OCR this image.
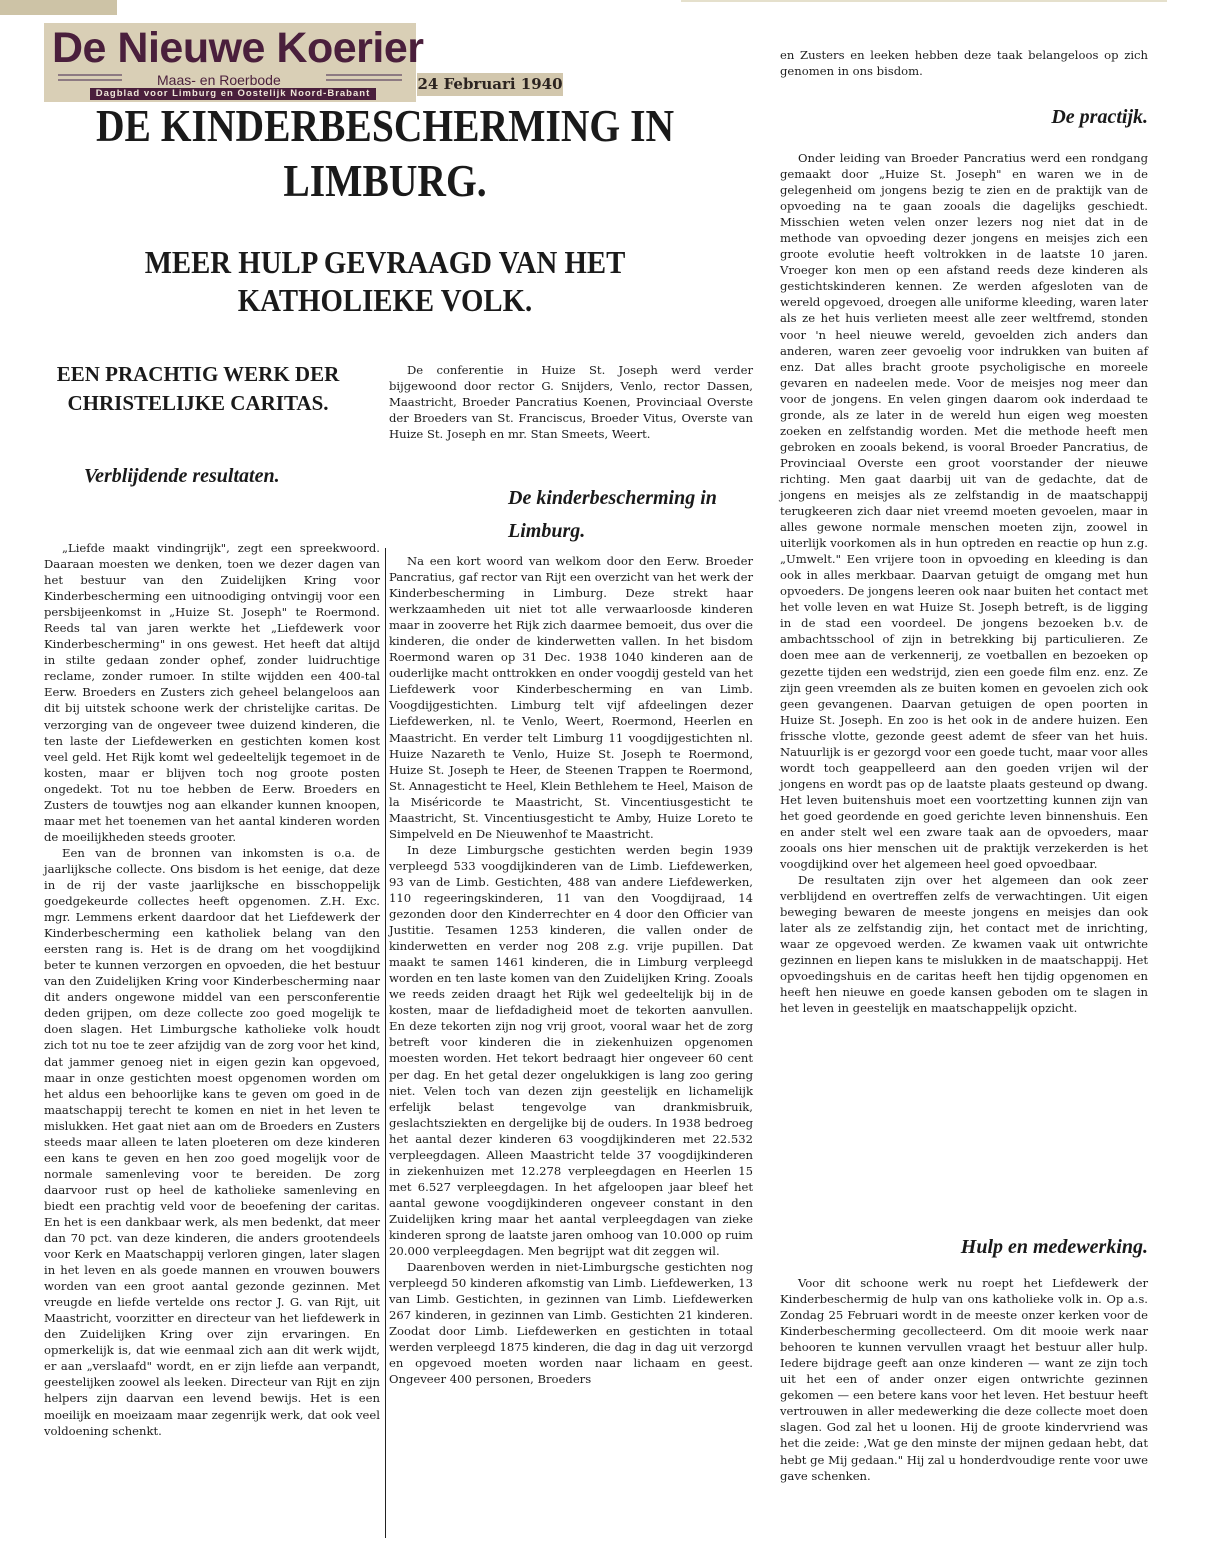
De Nieuwe Koerier
Maas- en Roerbode
Dagblad voor Limburg en Oostelijk Noord-Brabant
24 Februari 1940
DE KINDERBESCHERMING IN LIMBURG.
MEER HULP GEVRAAGD VAN HET KATHOLIEKE VOLK.
EEN PRACHTIG WERK DER CHRISTELIJKE CARITAS.
Verblijdende resultaten.

„Liefde maakt vindingrijk", zegt een spreekwoord. Daaraan moesten we denken, toen we dezer dagen van het bestuur van den Zuidelijken Kring voor Kinderbescherming een uitnoodiging ontvingij voor een persbijeenkomst in „Huize St. Joseph" te Roermond. Reeds tal van jaren werkte het „Liefdewerk voor Kinderbescherming" in ons gewest. Het heeft dat altijd in stilte gedaan zonder ophef, zonder luidruchtige reclame, zonder rumoer. In stilte wijdden een 400-tal Eerw. Broeders en Zusters zich geheel belangeloos aan dit bij uitstek schoone werk der christelijke caritas. De verzorging van de ongeveer twee duizend kinderen, die ten laste der Liefdewerken en gestichten komen kost veel geld. Het Rijk komt wel gedeeltelijk tegemoet in de kosten, maar er blijven toch nog groote posten ongedekt. Tot nu toe hebben de Eerw. Broeders en Zusters de touwtjes nog aan elkander kunnen knoopen, maar met het toenemen van het aantal kinderen worden de moeilijkheden steeds grooter.

Een van de bronnen van inkomsten is o.a. de jaarlijksche collecte. Ons bisdom is het eenige, dat deze in de rij der vaste jaarlijksche en bisschoppelijk goedgekeurde collectes heeft opgenomen. Z.H. Exc. mgr. Lemmens erkent daardoor dat het Liefdewerk der Kinderbescherming een katholiek belang van den eersten rang is. Het is de drang om het voogdijkind beter te kunnen verzorgen en opvoeden, die het bestuur van den Zuidelijken Kring voor Kinderbescherming naar dit anders ongewone middel van een persconferentie deden grijpen, om deze collecte zoo goed mogelijk te doen slagen. Het Limburgsche katholieke volk houdt zich tot nu toe te zeer afzijdig van de zorg voor het kind, dat jammer genoeg niet in eigen gezin kan opgevoed, maar in onze gestichten moest opgenomen worden om het aldus een behoorlijke kans te geven om goed in de maatschappij terecht te komen en niet in het leven te mislukken. Het gaat niet aan om de Broeders en Zusters steeds maar alleen te laten ploeteren om deze kinderen een kans te geven en hen zoo goed mogelijk voor de normale samenleving voor te bereiden. De zorg daarvoor rust op heel de katholieke samenleving en biedt een prachtig veld voor de beoefening der caritas. En het is een dankbaar werk, als men bedenkt, dat meer dan 70 pct. van deze kinderen, die anders grootendeels voor Kerk en Maatschappij verloren gingen, later slagen in het leven en als goede mannen en vrouwen bouwers worden van een groot aantal gezonde gezinnen. Met vreugde en liefde vertelde ons rector J. G. van Rijt, uit Maastricht, voorzitter en directeur van het liefdewerk in den Zuidelijken Kring over zijn ervaringen. En opmerkelijk is, dat wie eenmaal zich aan dit werk wijdt, er aan „verslaafd" wordt, en er zijn liefde aan verpandt, geestelijken zoowel als leeken. Directeur van Rijt en zijn helpers zijn daarvan een levend bewijs. Het is een moeilijk en moeizaam maar zegenrijk werk, dat ook veel voldoening schenkt.

De conferentie in Huize St. Joseph werd verder bijgewoond door rector G. Snijders, Venlo, rector Dassen, Maastricht, Broeder Pancratius Koenen, Provinciaal Overste der Broeders van St. Franciscus, Broeder Vitus, Overste van Huize St. Joseph en mr. Stan Smeets, Weert.

De kinderbescherming in Limburg.

Na een kort woord van welkom door den Eerw. Broeder Pancratius, gaf rector van Rijt een overzicht van het werk der Kinderbescherming in Limburg. Deze strekt haar werkzaamheden uit niet tot alle verwaarloosde kinderen maar in zooverre het Rijk zich daarmee bemoeit, dus over die kinderen, die onder de kinderwetten vallen. In het bisdom Roermond waren op 31 Dec. 1938 1040 kinderen aan de ouderlijke macht onttrokken en onder voogdij gesteld van het Liefdewerk voor Kinderbescherming en van Limb. Voogdijgestichten. Limburg telt vijf afdeelingen dezer Liefdewerken, nl. te Venlo, Weert, Roermond, Heerlen en Maastricht. En verder telt Limburg 11 voogdijgestichten nl. Huize Nazareth te Venlo, Huize St. Joseph te Roermond, Huize St. Joseph te Heer, de Steenen Trappen te Roermond, St. Annagesticht te Heel, Klein Bethlehem te Heel, Maison de la Miséricorde te Maastricht, St. Vincentiusgesticht te Maastricht, St. Vincentiusgesticht te Amby, Huize Loreto te Simpelveld en De Nieuwenhof te Maastricht.

In deze Limburgsche gestichten werden begin 1939 verpleegd 533 voogdijkinderen van de Limb. Liefdewerken, 93 van de Limb. Gestichten, 488 van andere Liefdewerken, 110 regeeringskinderen, 11 van den Voogdijraad, 14 gezonden door den Kinderrechter en 4 door den Officier van Justitie. Tesamen 1253 kinderen, die vallen onder de kinderwetten en verder nog 208 z.g. vrije pupillen. Dat maakt te samen 1461 kinderen, die in Limburg verpleegd worden en ten laste komen van den Zuidelijken Kring. Zooals we reeds zeiden draagt het Rijk wel gedeeltelijk bij in de kosten, maar de liefdadigheid moet de tekorten aanvullen. En deze tekorten zijn nog vrij groot, vooral waar het de zorg betreft voor kinderen die in ziekenhuizen opgenomen moesten worden. Het tekort bedraagt hier ongeveer 60 cent per dag. En het getal dezer ongelukkigen is lang zoo gering niet. Velen toch van dezen zijn geestelijk en lichamelijk erfelijk belast tengevolge van drankmisbruik, geslachtsziekten en dergelijke bij de ouders. In 1938 bedroeg het aantal dezer kinderen 63 voogdijkinderen met 22.532 verpleegdagen. Alleen Maastricht telde 37 voogdijkinderen in ziekenhuizen met 12.278 verpleegdagen en Heerlen 15 met 6.527 verpleegdagen. In het afgeloopen jaar bleef het aantal gewone voogdijkinderen ongeveer constant in den Zuidelijken kring maar het aantal verpleegdagen van zieke kinderen sprong de laatste jaren omhoog van 10.000 op ruim 20.000 verpleegdagen. Men begrijpt wat dit zeggen wil.

Daarenboven werden in niet-Limburgsche gestichten nog verpleegd 50 kinderen afkomstig van Limb. Liefdewerken, 13 van Limb. Gestichten, in gezinnen van Limb. Liefdewerken 267 kinderen, in gezinnen van Limb. Gestichten 21 kinderen. Zoodat door Limb. Liefdewerken en gestichten in totaal werden verpleegd 1875 kinderen, die dag in dag uit verzorgd en opgevoed moeten worden naar lichaam en geest. Ongeveer 400 personen, Broeders

en Zusters en leeken hebben deze taak belangeloos op zich genomen in ons bisdom.

De practijk.

Onder leiding van Broeder Pancratius werd een rondgang gemaakt door „Huize St. Joseph" en waren we in de gelegenheid om jongens bezig te zien en de praktijk van de opvoeding na te gaan zooals die dagelijks geschiedt. Misschien weten velen onzer lezers nog niet dat in de methode van opvoeding dezer jongens en meisjes zich een groote evolutie heeft voltrokken in de laatste 10 jaren. Vroeger kon men op een afstand reeds deze kinderen als gestichtskinderen kennen. Ze werden afgesloten van de wereld opgevoed, droegen alle uniforme kleeding, waren later als ze het huis verlieten meest alle zeer weltfremd, stonden voor 'n heel nieuwe wereld, gevoelden zich anders dan anderen, waren zeer gevoelig voor indrukken van buiten af enz. Dat alles bracht groote psycholigische en moreele gevaren en nadeelen mede. Voor de meisjes nog meer dan voor de jongens. En velen gingen daarom ook inderdaad te gronde, als ze later in de wereld hun eigen weg moesten zoeken en zelfstandig worden. Met die methode heeft men gebroken en zooals bekend, is vooral Broeder Pancratius, de Provinciaal Overste een groot voorstander der nieuwe richting. Men gaat daarbij uit van de gedachte, dat de jongens en meisjes als ze zelfstandig in de maatschappij terugkeeren zich daar niet vreemd moeten gevoelen, maar in alles gewone normale menschen moeten zijn, zoowel in uiterlijk voorkomen als in hun optreden en reactie op hun z.g. „Umwelt." Een vrijere toon in opvoeding en kleeding is dan ook in alles merkbaar. Daarvan getuigt de omgang met hun opvoeders. De jongens leeren ook naar buiten het contact met het volle leven en wat Huize St. Joseph betreft, is de ligging in de stad een voordeel. De jongens bezoeken b.v. de ambachtsschool of zijn in betrekking bij particulieren. Ze doen mee aan de verkennerij, ze voetballen en bezoeken op gezette tijden een wedstrijd, zien een goede film enz. enz. Ze zijn geen vreemden als ze buiten komen en gevoelen zich ook geen gevangenen. Daarvan getuigen de open poorten in Huize St. Joseph. En zoo is het ook in de andere huizen. Een frissche vlotte, gezonde geest ademt de sfeer van het huis. Natuurlijk is er gezorgd voor een goede tucht, maar voor alles wordt toch geappelleerd aan den goeden vrijen wil der jongens en wordt pas op de laatste plaats gesteund op dwang. Het leven buitenshuis moet een voortzetting kunnen zijn van het goed geordende en goed gerichte leven binnenshuis. Een en ander stelt wel een zware taak aan de opvoeders, maar zooals ons hier menschen uit de praktijk verzekerden is het voogdijkind over het algemeen heel goed opvoedbaar.

De resultaten zijn over het algemeen dan ook zeer verblijdend en overtreffen zelfs de verwachtingen. Uit eigen beweging bewaren de meeste jongens en meisjes dan ook later als ze zelfstandig zijn, het contact met de inrichting, waar ze opgevoed werden. Ze kwamen vaak uit ontwrichte gezinnen en liepen kans te mislukken in de maatschappij. Het opvoedingshuis en de caritas heeft hen tijdig opgenomen en heeft hen nieuwe en goede kansen geboden om te slagen in het leven in geestelijk en maatschappelijk opzicht.

Hulp en medewerking.

Voor dit schoone werk nu roept het Liefdewerk der Kinderbeschermig de hulp van ons katholieke volk in. Op a.s. Zondag 25 Februari wordt in de meeste onzer kerken voor de Kinderbescherming gecollecteerd. Om dit mooie werk naar behooren te kunnen vervullen vraagt het bestuur aller hulp. Iedere bijdrage geeft aan onze kinderen — want ze zijn toch uit het een of ander onzer eigen ontwrichte gezinnen gekomen — een betere kans voor het leven. Het bestuur heeft vertrouwen in aller medewerking die deze collecte moet doen slagen. God zal het u loonen. Hij de groote kindervriend was het die zeide: ‚Wat ge den minste der mijnen gedaan hebt, dat hebt ge Mij gedaan." Hij zal u honderdvoudige rente voor uwe gave schenken.
